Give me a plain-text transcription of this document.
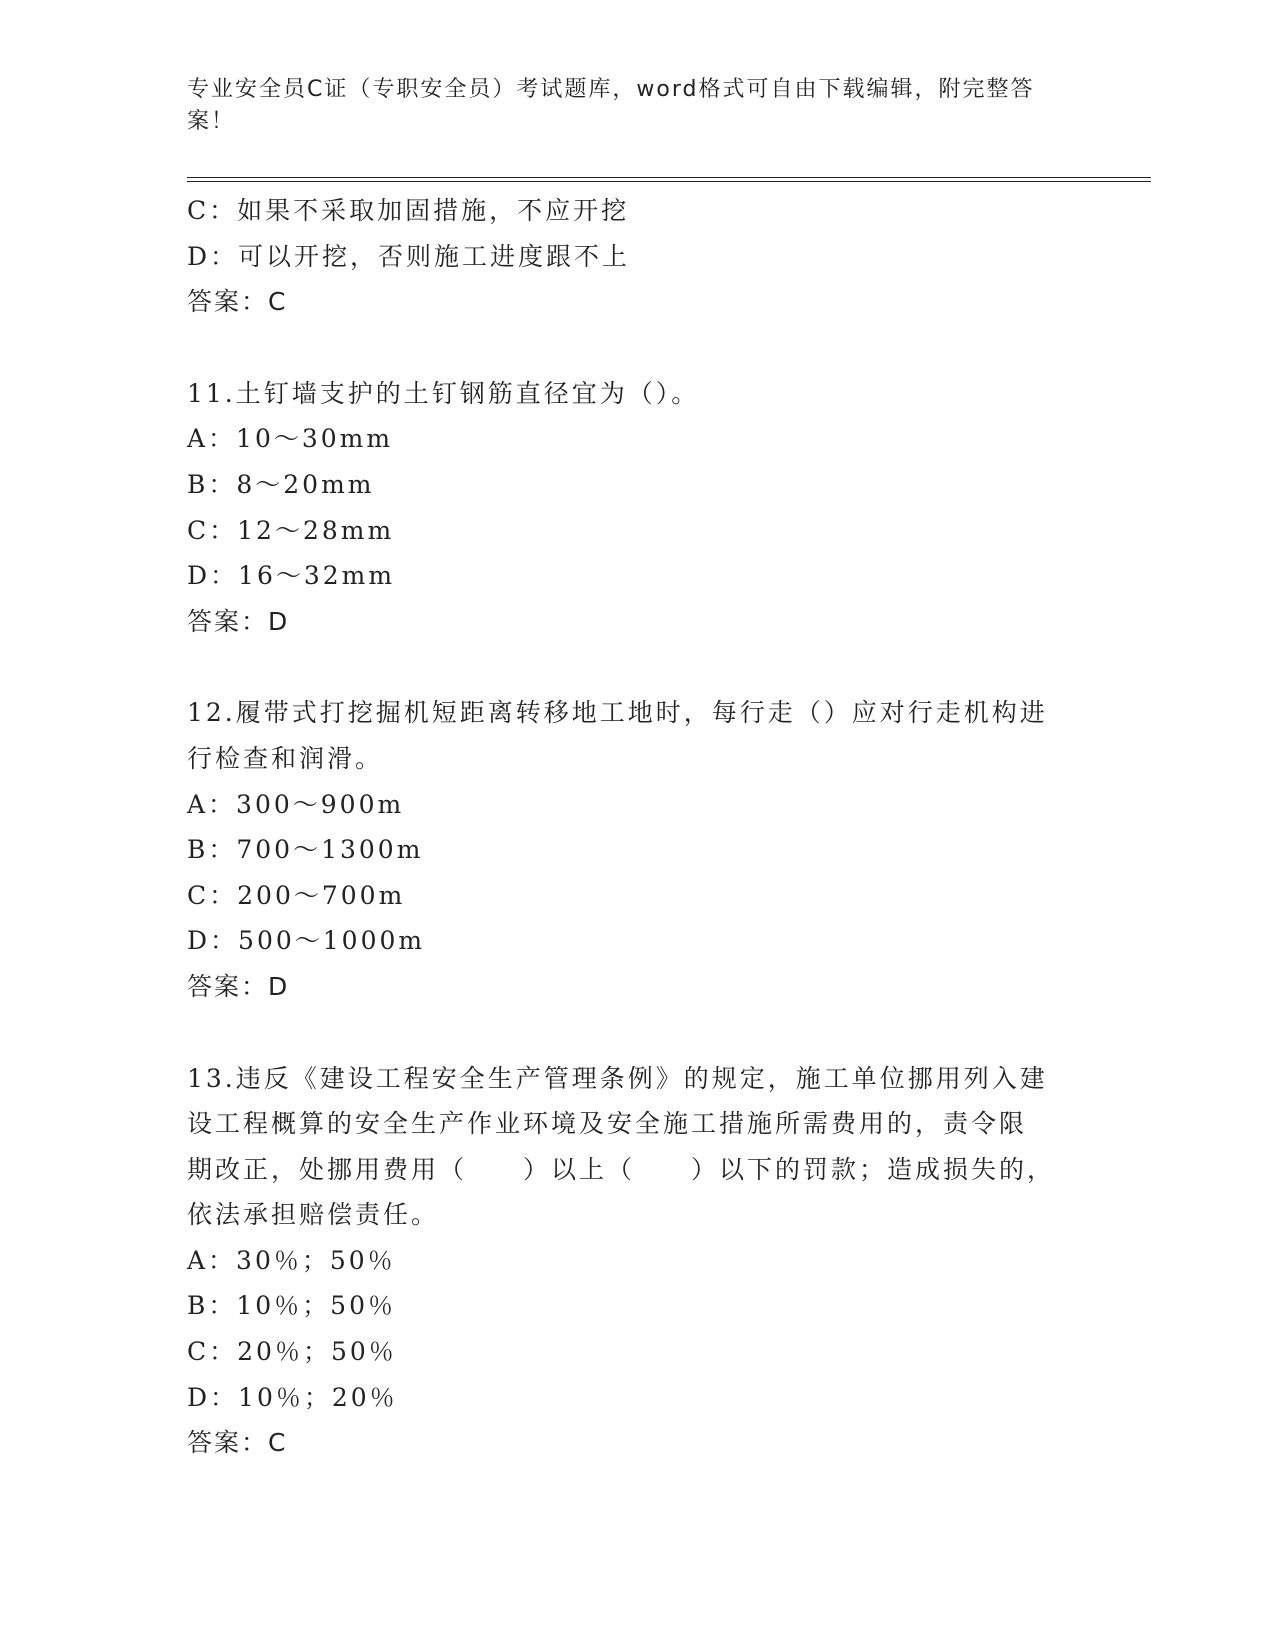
专业安全员C证（专职安全员）考试题库，word格式可自由下载编辑，附完整答
案！
C：如果不采取加固措施，不应开挖
D：可以开挖，否则施工进度跟不上
答案：C
11.土钉墙支护的土钉钢筋直径宜为（）。
A：10～30mm
B：8～20mm
C：12～28mm
D：16～32mm
答案：D
12.履带式打挖掘机短距离转移地工地时，每行走（）应对行走机构进
行检查和润滑。
A：300～900m
B：700～1300m
C：200～700m
D：500～1000m
答案：D
13.违反《建设工程安全生产管理条例》的规定，施工单位挪用列入建
设工程概算的安全生产作业环境及安全施工措施所需费用的，责令限
期改正，处挪用费用（　　）以上（　　）以下的罚款；造成损失的，
依法承担赔偿责任。
A：30％；50％
B：10％；50％
C：20％；50％
D：10％；20％
答案：C
